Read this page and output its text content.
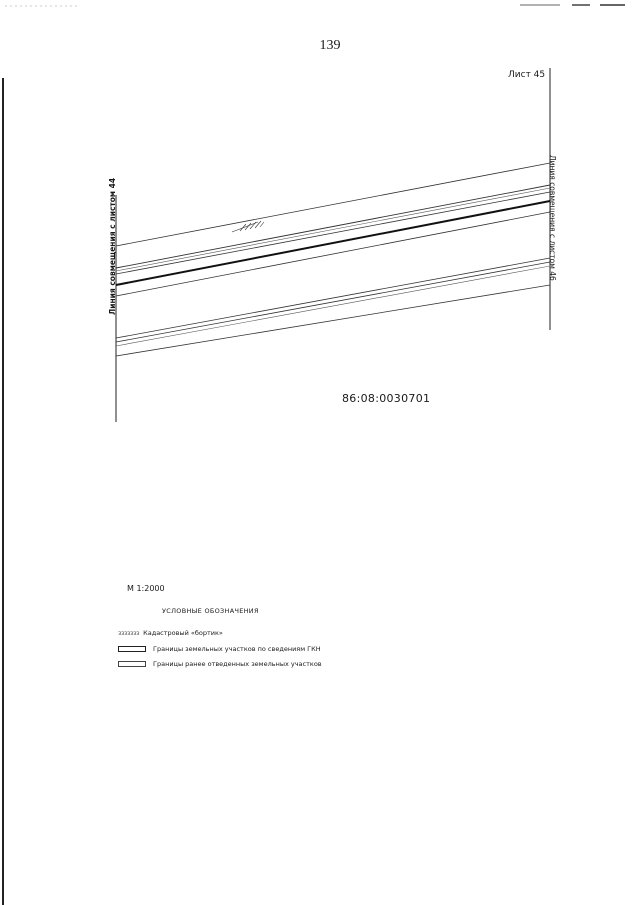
139
Лист 45
Линия совмещения с листом 44	Линия совмещения с листом 46
86:08:0030701
М 1:2000
УСЛОВНЫЕ ОБОЗНАЧЕНИЯ
ᴈᴈᴈᴈᴈᴈᴈ Кадастровый «бортик»
Границы земельных участков по сведениям ГКН
Границы ранее отведенных земельных участков
